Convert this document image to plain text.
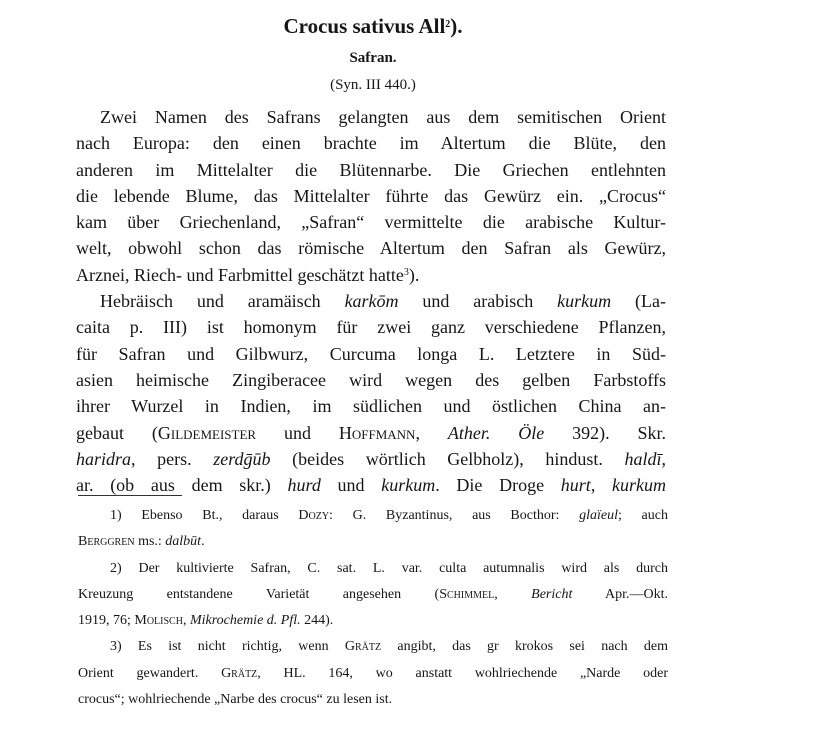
Crocus sativus All$^2$).
Safran.
(Syn. III 440.)
Zwei Namen des Safrans gelangten aus dem semitischen Orient
nach Europa: den einen brachte im Altertum die Blüte, den
anderen im Mittelalter die Blütennarbe. Die Griechen entlehnten
die lebende Blume, das Mittelalter führte das Gewürz ein. „Crocus“
kam über Griechenland, „Safran“ vermittelte die arabische Kultur-
welt, obwohl schon das römische Altertum den Safran als Gewürz,
Arznei, Riech- und Farbmittel geschätzt hatte$^3$).
Hebräisch und aramäisch karkōm und arabisch kurkum (La-
caita p. III) ist homonym für zwei ganz verschiedene Pflanzen,
für Safran und Gilbwurz, Curcuma longa L. Letztere in Süd-
asien heimische Zingiberacee wird wegen des gelben Farbstoffs
ihrer Wurzel in Indien, im südlichen und östlichen China an-
gebaut (Gildemeister und Hoffmann, Ather. Öle 392). Skr.
haridra, pers. zerdḡūb (beides wörtlich Gelbholz), hindust. haldī,
ar. (ob aus dem skr.) hurd und kurkum. Die Droge hurt, kurkum
1) Ebenso Bt., daraus Dozy: G. Byzantinus, aus Bocthor: glaïeul; auch
Berggren ms.: dalbūt.
2) Der kultivierte Safran, C. sat. L. var. culta autumnalis wird als durch
Kreuzung entstandene Varietät angesehen (Schimmel, Bericht Apr.—Okt.
1919, 76; Molisch, Mikrochemie d. Pfl. 244).
3) Es ist nicht richtig, wenn Grätz angibt, das gr krokos sei nach dem
Orient gewandert. Grätz, HL. 164, wo anstatt wohlriechende „Narde oder
crocus“; wohlriechende „Narbe des crocus“ zu lesen ist.
